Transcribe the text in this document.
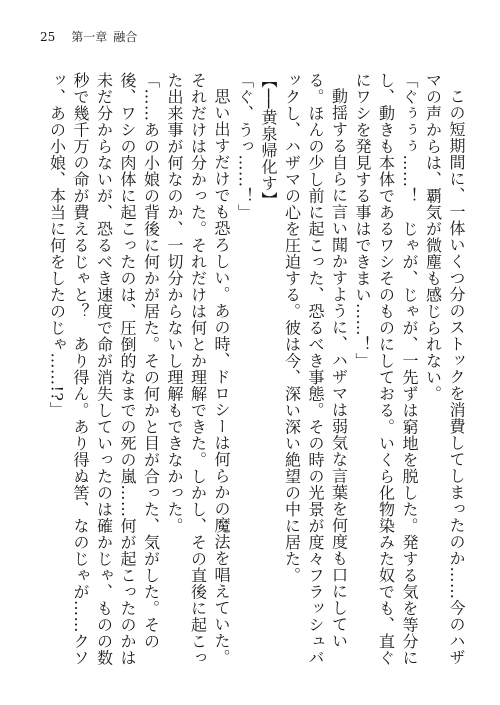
25 第一章 融合

この短期間に、一体いくつ分のストックを消費してしまったのか……今のハザマの声からは、覇気が微塵も感じられない。

「ぐぅぅぅ……！　じゃが、じゃが、一先ずは窮地を脱した。発する気を等分にし、動きも本体であるワシそのものにしておる。いくら化物染みた奴でも、直ぐにワシを発見する事はできまい……！」

動揺する自らに言い聞かすように、ハザマは弱気な言葉を何度も口にしている。ほんの少し前に起こった、恐るべき事態。その時の光景が度々フラッシュバックし、ハザマの心を圧迫する。彼は今、深い深い絶望の中に居た。

【──黄泉帰化す】

「ぐ、うっ……！」

思い出すだけでも恐ろしい。あの時、ドロシーは何らかの魔法を唱えていた。それだけは分かった。それだけは何とか理解できた。しかし、その直後に起こった出来事が何なのか、一切分からないし理解もできなかった。

「……あの小娘の背後に何かが居た。その何かと目が合った、気がした。その後、ワシの肉体に起こったのは、圧倒的なまでの死の嵐……何が起こったのかは未だ分からないが、恐るべき速度で命が消失していったのは確かじゃ、ものの数秒で幾千万の命が費えるじゃと？　あり得ん。あり得ぬ筈、なのじゃが……クソッ、あの小娘、本当に何をしたのじゃ……!?」
